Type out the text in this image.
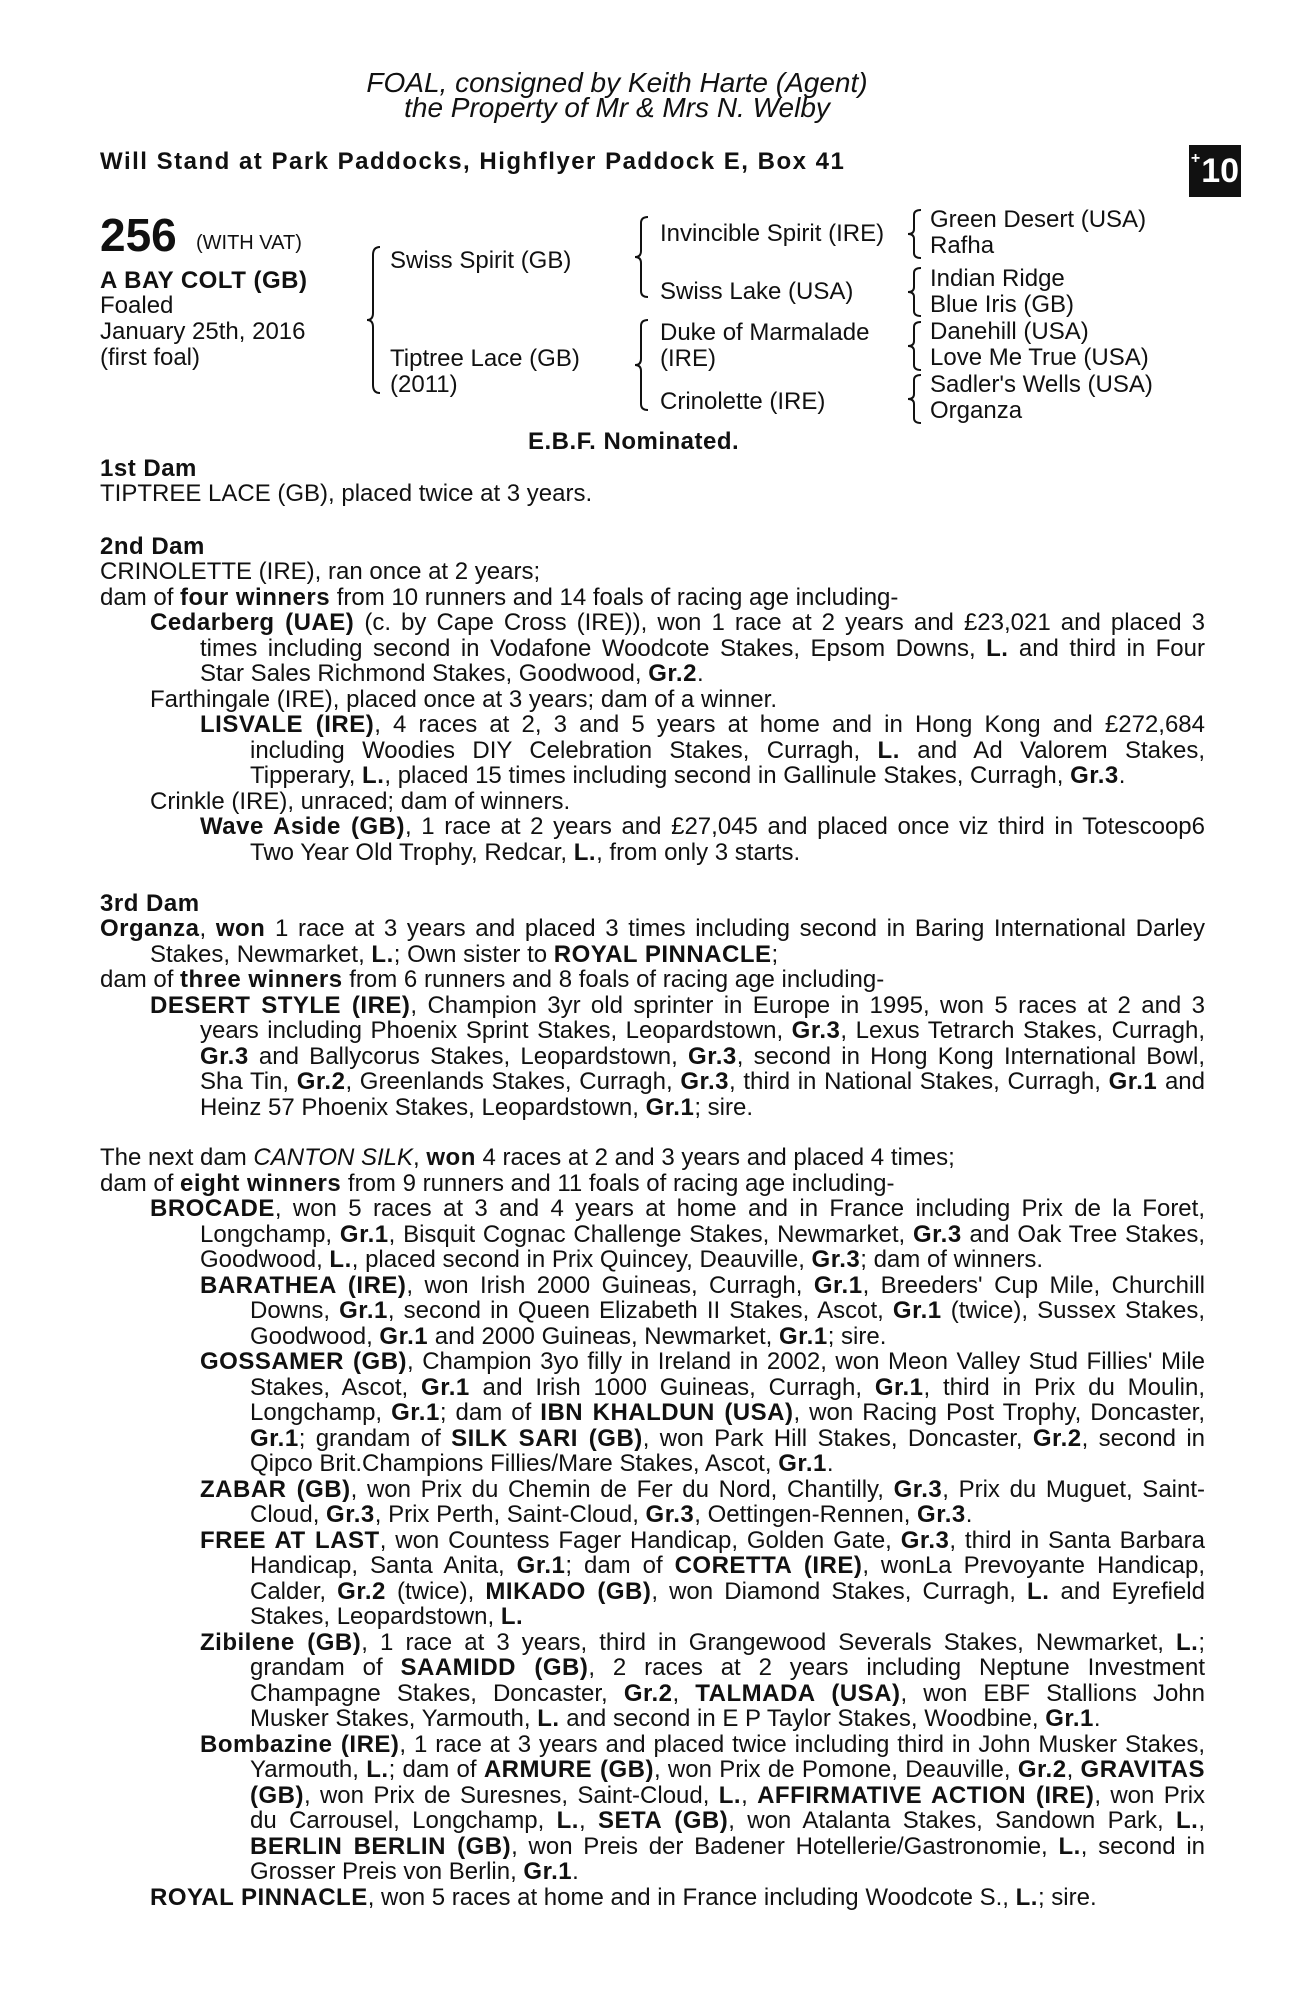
FOAL, consigned by Keith Harte (Agent)
the Property of Mr & Mrs N. Welby
Will Stand at Park Paddocks, Highflyer Paddock E, Box 41	+ 10
256 (WITH VAT)
A BAY COLT (GB)
Foaled
January 25th, 2016
(first foal)
Swiss Spirit (GB)
Tiptree Lace (GB)
(2011)
Invincible Spirit (IRE)
Swiss Lake (USA)
Duke of Marmalade
(IRE)
Crinolette (IRE)
Green Desert (USA)
Rafha
Indian Ridge
Blue Iris (GB)
Danehill (USA)
Love Me True (USA)
Sadler's Wells (USA)
Organza
E.B.F. Nominated.
1st Dam
TIPTREE LACE (GB), placed twice at 3 years.
2nd Dam

CRINOLETTE (IRE), ran once at 2 years;

dam of four winners from 10 runners and 14 foals of racing age including-

Cedarberg (UAE) (c. by Cape Cross (IRE)), won 1 race at 2 years and £23,021 and placed 3 times including second in Vodafone Woodcote Stakes, Epsom Downs, L. and third in Four Star Sales Richmond Stakes, Goodwood, Gr.2.

Farthingale (IRE), placed once at 3 years; dam of a winner.

LISVALE (IRE), 4 races at 2, 3 and 5 years at home and in Hong Kong and £272,684 including Woodies DIY Celebration Stakes, Curragh, L. and Ad Valorem Stakes, Tipperary, L., placed 15 times including second in Gallinule Stakes, Curragh, Gr.3.

Crinkle (IRE), unraced; dam of winners.

Wave Aside (GB), 1 race at 2 years and £27,045 and placed once viz third in Totescoop6 Two Year Old Trophy, Redcar, L., from only 3 starts.

3rd Dam

Organza, won 1 race at 3 years and placed 3 times including second in Baring International Darley Stakes, Newmarket, L.; Own sister to ROYAL PINNACLE;

dam of three winners from 6 runners and 8 foals of racing age including-

DESERT STYLE (IRE), Champion 3yr old sprinter in Europe in 1995, won 5 races at 2 and 3 years including Phoenix Sprint Stakes, Leopardstown, Gr.3, Lexus Tetrarch Stakes, Curragh, Gr.3 and Ballycorus Stakes, Leopardstown, Gr.3, second in Hong Kong International Bowl, Sha Tin, Gr.2, Greenlands Stakes, Curragh, Gr.3, third in National Stakes, Curragh, Gr.1 and Heinz 57 Phoenix Stakes, Leopardstown, Gr.1; sire.

The next dam CANTON SILK, won 4 races at 2 and 3 years and placed 4 times;

dam of eight winners from 9 runners and 11 foals of racing age including-

BROCADE, won 5 races at 3 and 4 years at home and in France including Prix de la Foret, Longchamp, Gr.1, Bisquit Cognac Challenge Stakes, Newmarket, Gr.3 and Oak Tree Stakes, Goodwood, L., placed second in Prix Quincey, Deauville, Gr.3; dam of winners.

BARATHEA (IRE), won Irish 2000 Guineas, Curragh, Gr.1, Breeders' Cup Mile, Churchill Downs, Gr.1, second in Queen Elizabeth II Stakes, Ascot, Gr.1 (twice), Sussex Stakes, Goodwood, Gr.1 and 2000 Guineas, Newmarket, Gr.1; sire.

GOSSAMER (GB), Champion 3yo filly in Ireland in 2002, won Meon Valley Stud Fillies' Mile Stakes, Ascot, Gr.1 and Irish 1000 Guineas, Curragh, Gr.1, third in Prix du Moulin, Longchamp, Gr.1; dam of IBN KHALDUN (USA), won Racing Post Trophy, Doncaster, Gr.1; grandam of SILK SARI (GB), won Park Hill Stakes, Doncaster, Gr.2, second in Qipco Brit.Champions Fillies/Mare Stakes, Ascot, Gr.1.

ZABAR (GB), won Prix du Chemin de Fer du Nord, Chantilly, Gr.3, Prix du Muguet, Saint-Cloud, Gr.3, Prix Perth, Saint-Cloud, Gr.3, Oettingen-Rennen, Gr.3.

FREE AT LAST, won Countess Fager Handicap, Golden Gate, Gr.3, third in Santa Barbara Handicap, Santa Anita, Gr.1; dam of CORETTA (IRE), wonLa Prevoyante Handicap, Calder, Gr.2 (twice), MIKADO (GB), won Diamond Stakes, Curragh, L. and Eyrefield Stakes, Leopardstown, L.

Zibilene (GB), 1 race at 3 years, third in Grangewood Severals Stakes, Newmarket, L.; grandam of SAAMIDD (GB), 2 races at 2 years including Neptune Investment Champagne Stakes, Doncaster, Gr.2, TALMADA (USA), won EBF Stallions John Musker Stakes, Yarmouth, L. and second in E P Taylor Stakes, Woodbine, Gr.1.

Bombazine (IRE), 1 race at 3 years and placed twice including third in John Musker Stakes, Yarmouth, L.; dam of ARMURE (GB), won Prix de Pomone, Deauville, Gr.2, GRAVITAS (GB), won Prix de Suresnes, Saint-Cloud, L., AFFIRMATIVE ACTION (IRE), won Prix du Carrousel, Longchamp, L., SETA (GB), won Atalanta Stakes, Sandown Park, L., BERLIN BERLIN (GB), won Preis der Badener Hotellerie/Gastronomie, L., second in Grosser Preis von Berlin, Gr.1.

ROYAL PINNACLE, won 5 races at home and in France including Woodcote S., L.; sire.
